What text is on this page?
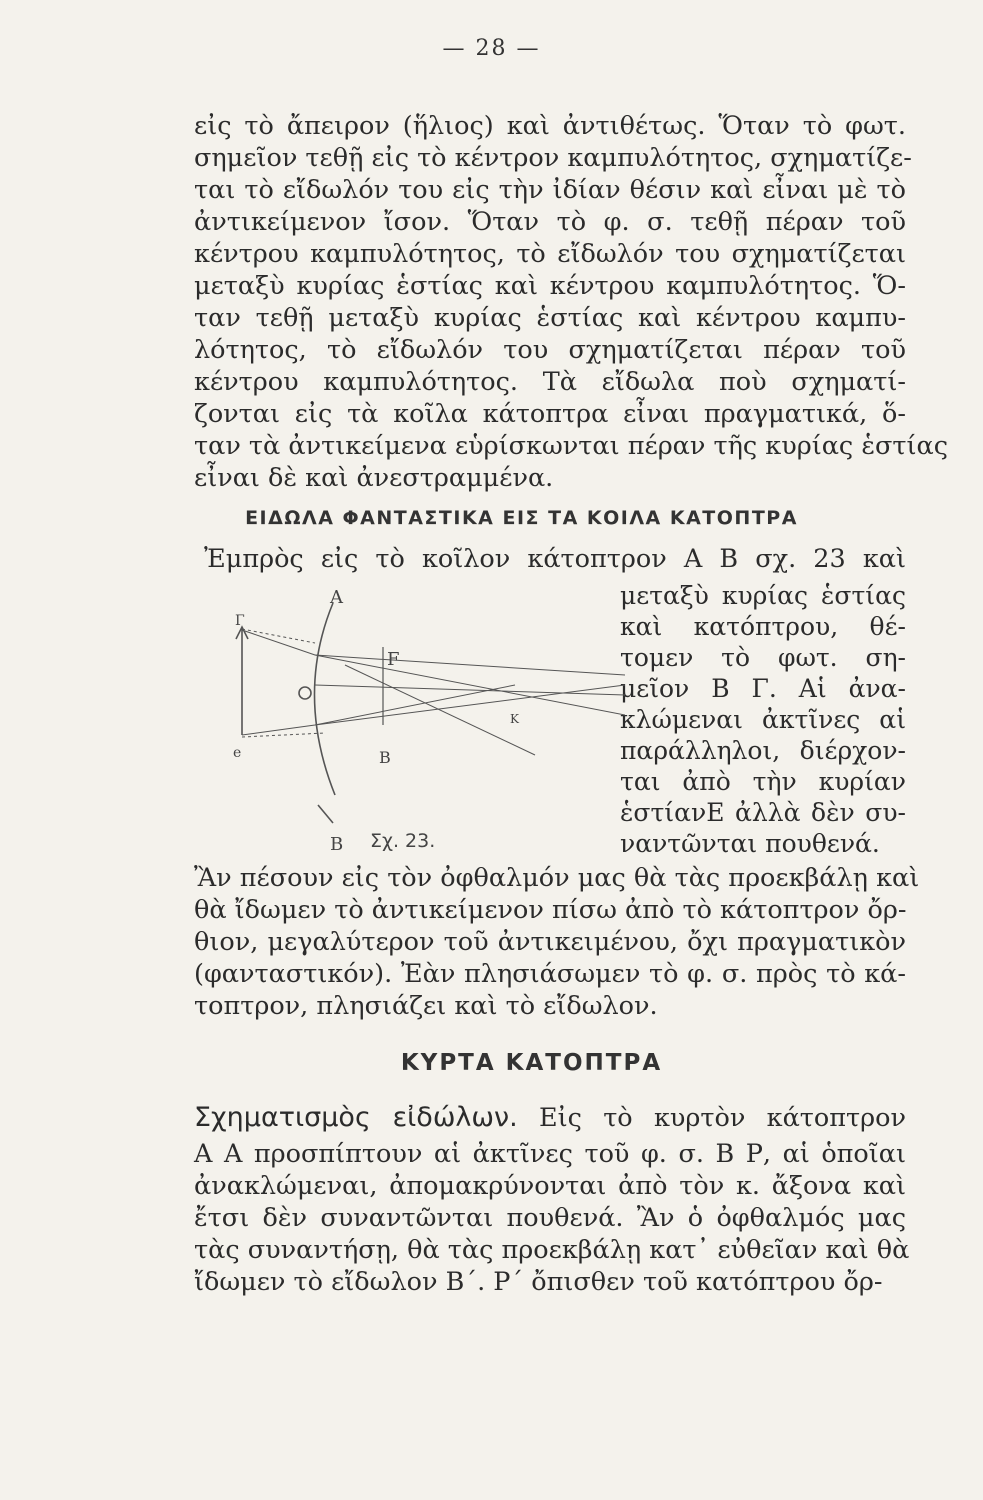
— 28 —
εἰς τὸ ἄπειρον (ἥλιος) καὶ ἀντιθέτως. Ὅταν τὸ φωτ.
σημεῖον τεθῇ εἰς τὸ κέντρον καμπυλότητος, σχηματίζε-
ται τὸ εἴδωλόν του εἰς τὴν ἰδίαν θέσιν καὶ εἶναι μὲ τὸ
ἀντικείμενον ἴσον. Ὅταν τὸ φ. σ. τεθῇ πέραν τοῦ
κέντρου καμπυλότητος, τὸ εἴδωλόν του σχηματίζεται
μεταξὺ κυρίας ἑστίας καὶ κέντρου καμπυλότητος. Ὅ-
ταν τεθῇ μεταξὺ κυρίας ἑστίας καὶ κέντρου καμπυ-
λότητος, τὸ εἴδωλόν του σχηματίζεται πέραν τοῦ
κέντρου καμπυλότητος. Τὰ εἴδωλα ποὺ σχηματί-
ζονται εἰς τὰ κοῖλα κάτοπτρα εἶναι πραγματικά, ὅ-
ταν τὰ ἀντικείμενα εὑρίσκωνται πέραν τῆς κυρίας ἑστίας
εἶναι δὲ καὶ ἀνεστραμμένα.
ΕΙΔΩΛΑ ΦΑΝΤΑΣΤΙΚΑ ΕΙΣ ΤΑ ΚΟΙΛΑ ΚΑΤΟΠΤΡΑ
Ἐμπρὸς εἰς τὸ κοῖλον κάτοπτρον Α Β σχ. 23 καὶ
μεταξὺ κυρίας ἑστίας
καὶ κατόπτρου, θέ-
τομεν τὸ φωτ. ση-
μεῖον Β Γ. Αἱ ἀνα-
κλώμεναι ἀκτῖνες αἱ
παράλληλοι, διέρχον-
ται ἀπὸ τὴν κυρίαν
ἑστίανΕ ἀλλὰ δὲν συ-
ναντῶνται πουθενά.
A
B
F
Γ
Β
Κ
e
Σχ. 23.
Ἂν πέσουν εἰς τὸν ὀφθαλμόν μας θὰ τὰς προεκβάλῃ καὶ
θὰ ἴδωμεν τὸ ἀντικείμενον πίσω ἀπὸ τὸ κάτοπτρον ὄρ-
θιον, μεγαλύτερον τοῦ ἀντικειμένου, ὄχι πραγματικὸν
(φανταστικόν). Ἐὰν πλησιάσωμεν τὸ φ. σ. πρὸς τὸ κά-
τοπτρον, πλησιάζει καὶ τὸ εἴδωλον.
ΚΥΡΤΑ ΚΑΤΟΠΤΡΑ
Σχηματισμὸς εἰδώλων. Εἰς τὸ κυρτὸν κάτοπτρον
Α Α προσπίπτουν αἱ ἀκτῖνες τοῦ φ. σ. Β Ρ, αἱ ὁποῖαι
ἀνακλώμεναι, ἀπομακρύνονται ἀπὸ τὸν κ. ἄξονα καὶ
ἔτσι δὲν συναντῶνται πουθενά. Ἂν ὁ ὀφθαλμός μας
τὰς συναντήσῃ, θὰ τὰς προεκβάλῃ κατ᾽ εὐθεῖαν καὶ θὰ
ἴδωμεν τὸ εἴδωλον Β΄. Ρ΄ ὄπισθεν τοῦ κατόπτρου ὄρ-
